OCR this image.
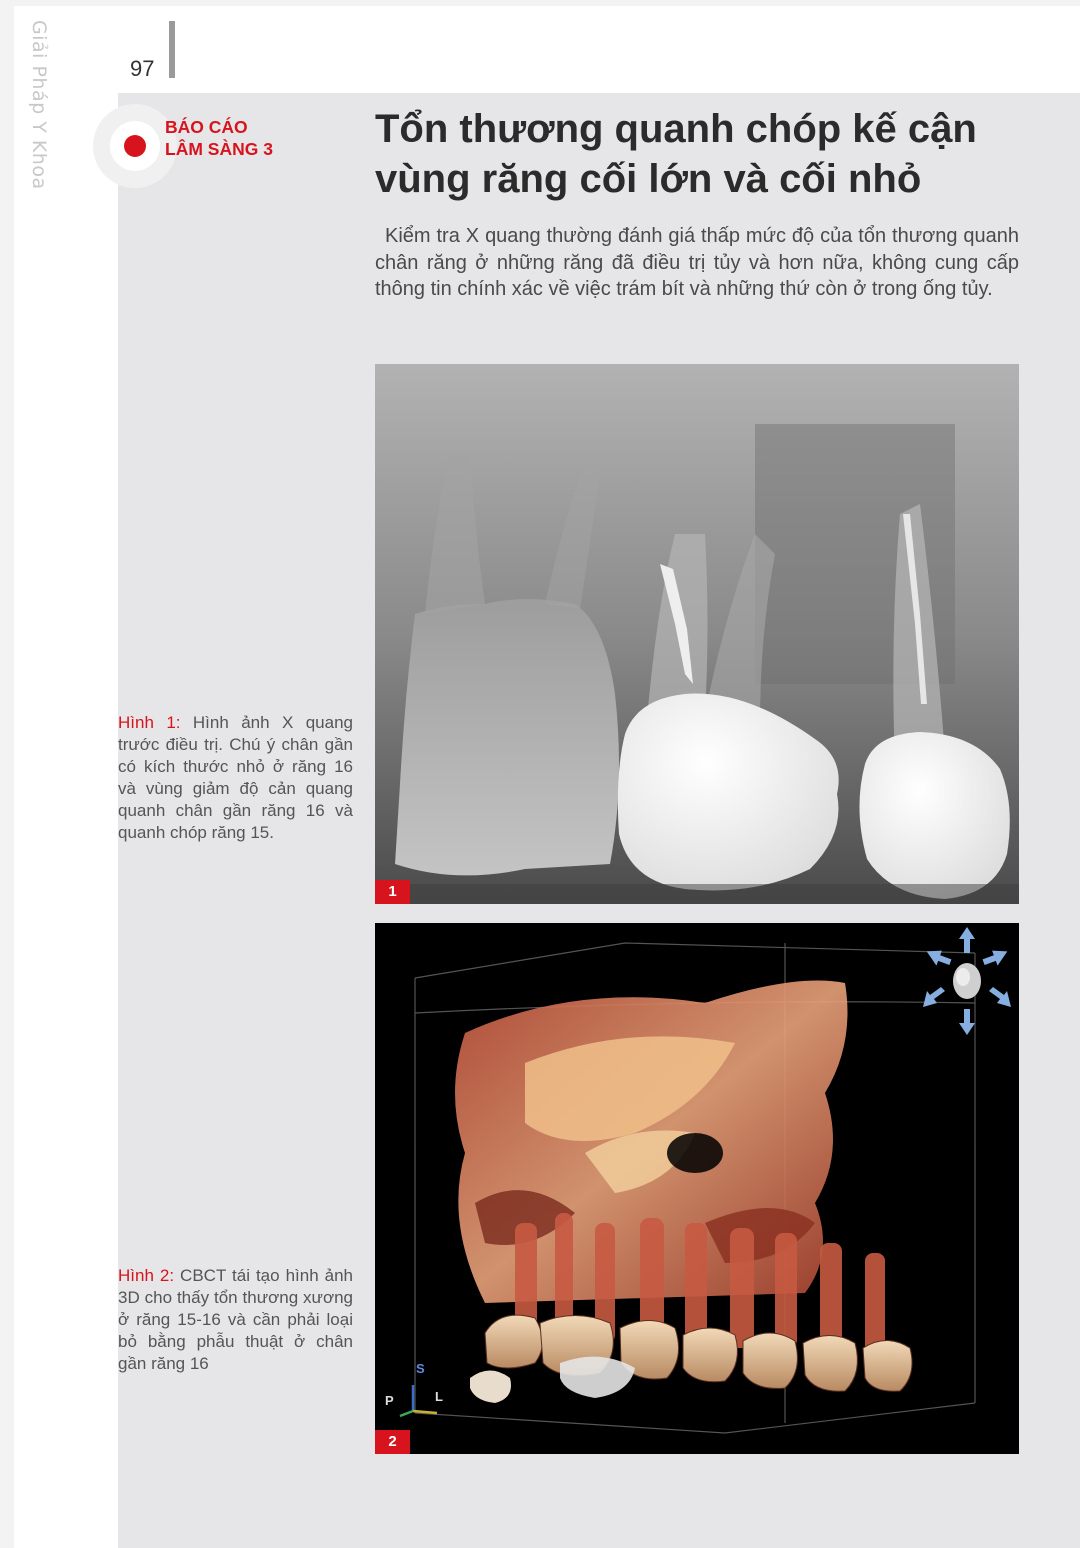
Giải Pháp Y Khoa	97
BÁO CÁO
LÂM SÀNG 3	Tổn thương quanh chóp kế cận
vùng răng cối lớn và cối nhỏ

Kiểm tra X quang thường đánh giá thấp mức độ của tổn thương quanh chân răng ở những răng đã điều trị tủy và hơn nữa, không cung cấp thông tin chính xác về việc trám bít và những thứ còn ở trong ống tủy.

1
S
P	L
2

Hình 1: Hình ảnh X quang trước điều trị. Chú ý chân gần có kích thước nhỏ ở răng 16 và vùng giảm độ cản quang quanh chân gần răng 16 và quanh chóp răng 15.

Hình 2: CBCT tái tạo hình ảnh 3D cho thấy tổn thương xương ở răng 15-16 và cần phải loại bỏ bằng phẫu thuật ở chân gần răng 16
